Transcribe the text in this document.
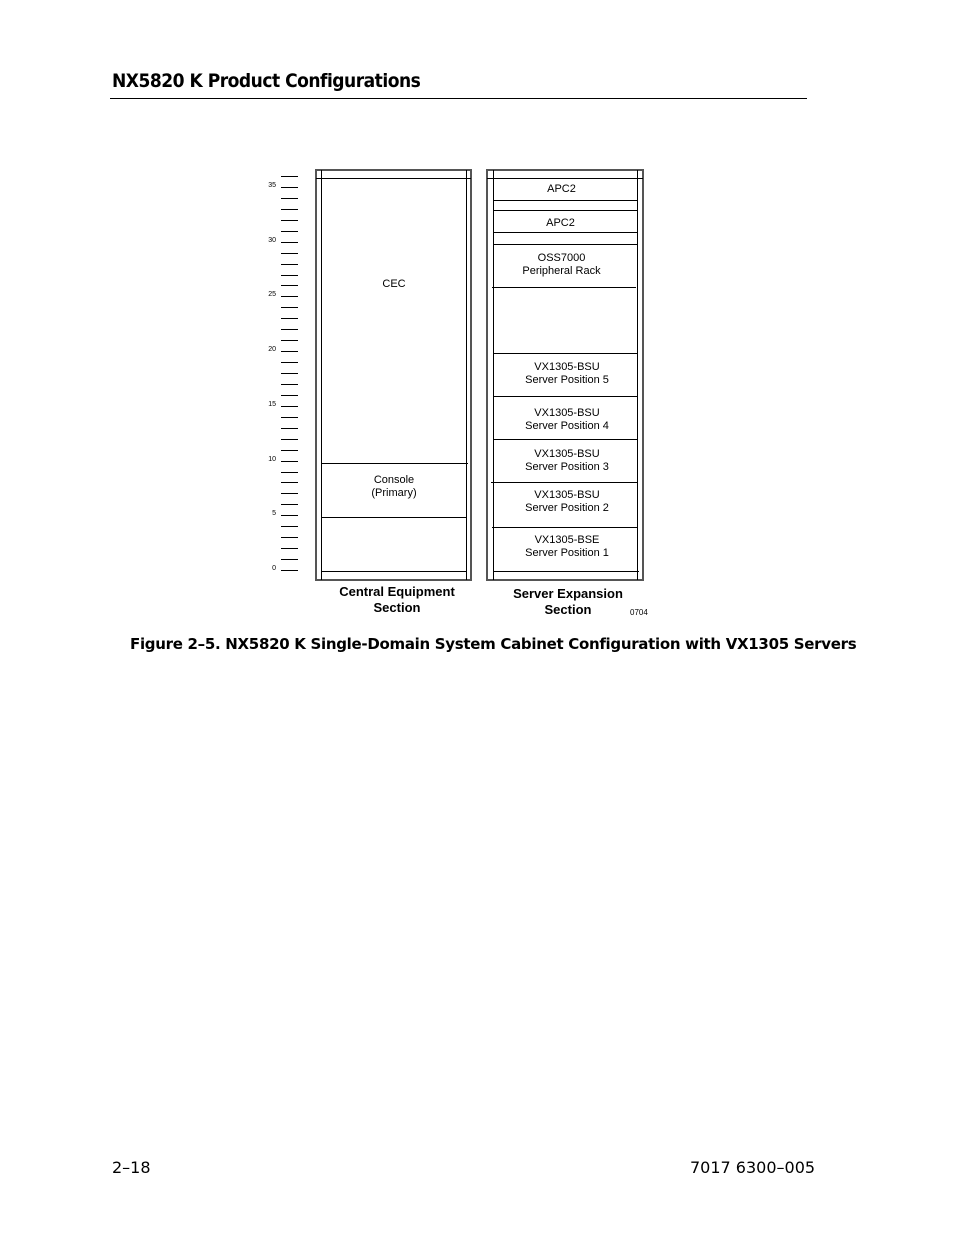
NX5820 K Product Configurations
35
30
25
20
15
10
5
0
CEC
Console
(Primary)
Central Equipment
Section
APC2
APC2
OSS7000
Peripheral Rack
VX1305-BSU
Server Position 5
VX1305-BSU
Server Position 4
VX1305-BSU
Server Position 3
VX1305-BSU
Server Position 2
VX1305-BSE
Server Position 1
Server Expansion
Section	0704
Figure 2–5. NX5820 K Single-Domain System Cabinet Configuration with VX1305 Servers
2–18	7017 6300–005
